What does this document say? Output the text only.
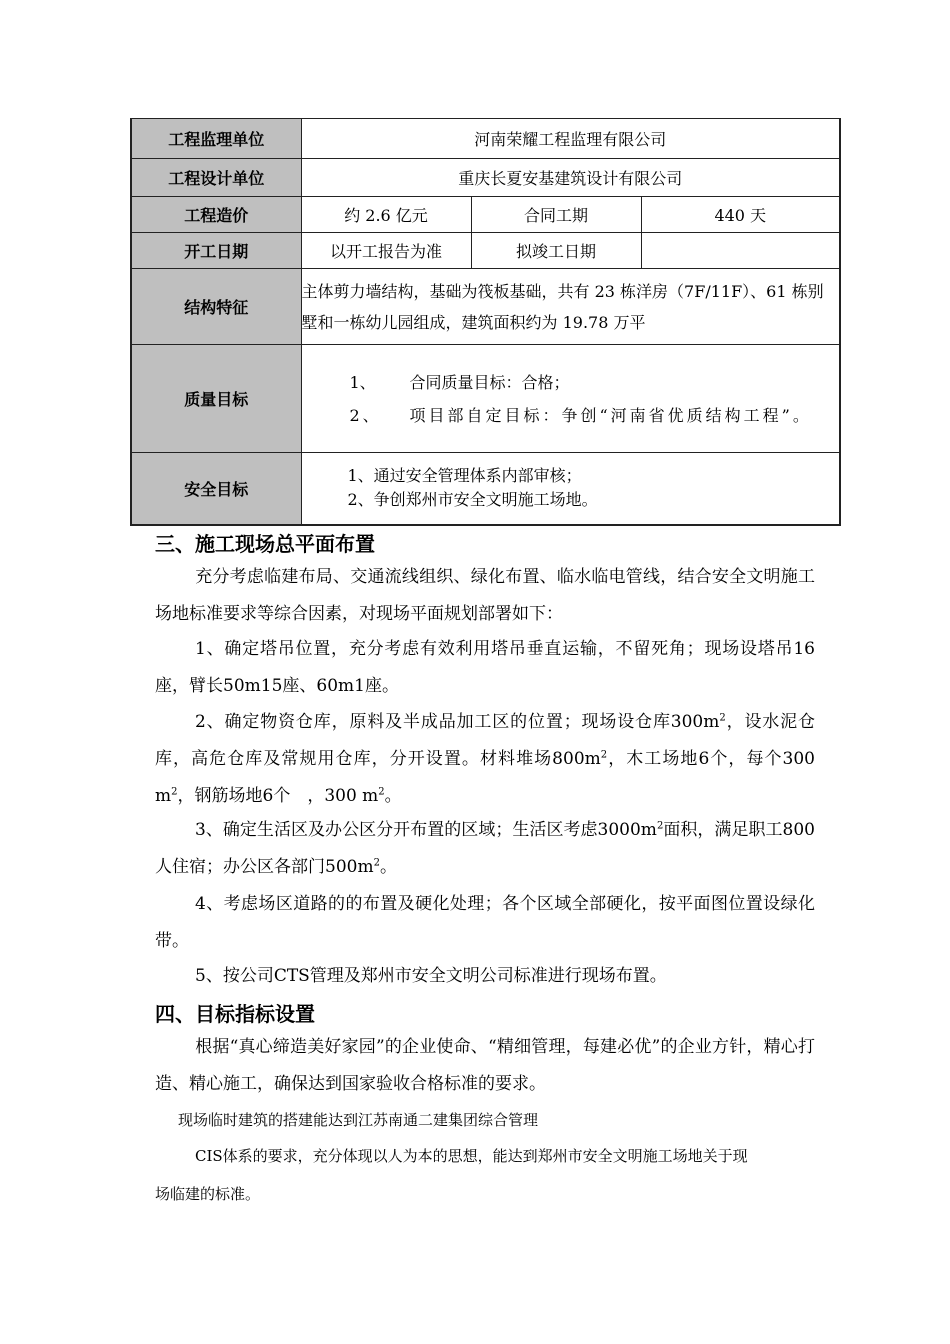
工程监理单位	河南荣耀工程监理有限公司		
工程设计单位	重庆长夏安基建筑设计有限公司		
工程造价	约 2.6 亿元	合同工期	440 天
开工日期	以开工报告为准	拟竣工日期	
结构特征	主体剪力墙结构，基础为筏板基础，共有 23 栋洋房（7F/11F）、61 栋别墅和一栋幼儿园组成，建筑面积约为 19.78 万平		
质量目标	1、 合同质量目标：合格；
2、 项目部自定目标：争创“河南省优质结构工程”。		

安全目标	1、通过安全管理体系内部审核；
2、争创郑州市安全文明施工场地。		
三、施工现场总平面布置
充分考虑临建布局、交通流线组织、绿化布置、临水临电管线，结合安全文明施工场地标准要求等综合因素，对现场平面规划部署如下：
1、确定塔吊位置，充分考虑有效利用塔吊垂直运输，不留死角；现场设塔吊16座，臂长50m15座、60m1座。
2、确定物资仓库，原料及半成品加工区的位置；现场设仓库$300m^2$，设水泥仓库，高危仓库及常规用仓库，分开设置。材料堆场$800m^2$，木工场地6个，每个300 $m^2$，钢筋场地6个　，300 $m^2$。
3、确定生活区及办公区分开布置的区域；生活区考虑$3000m^2$面积，满足职工800人住宿；办公区各部门$500m^2$。
4、考虑场区道路的的布置及硬化处理；各个区域全部硬化，按平面图位置设绿化带。
5、按公司CTS管理及郑州市安全文明公司标准进行现场布置。
四、目标指标设置
根据“真心缔造美好家园”的企业使命、“精细管理，每建必优”的企业方针，精心打造、精心施工，确保达到国家验收合格标准的要求。
现场临时建筑的搭建能达到江苏南通二建集团综合管理
CIS体系的要求，充分体现以人为本的思想，能达到郑州市安全文明施工场地关于现
场临建的标准。
